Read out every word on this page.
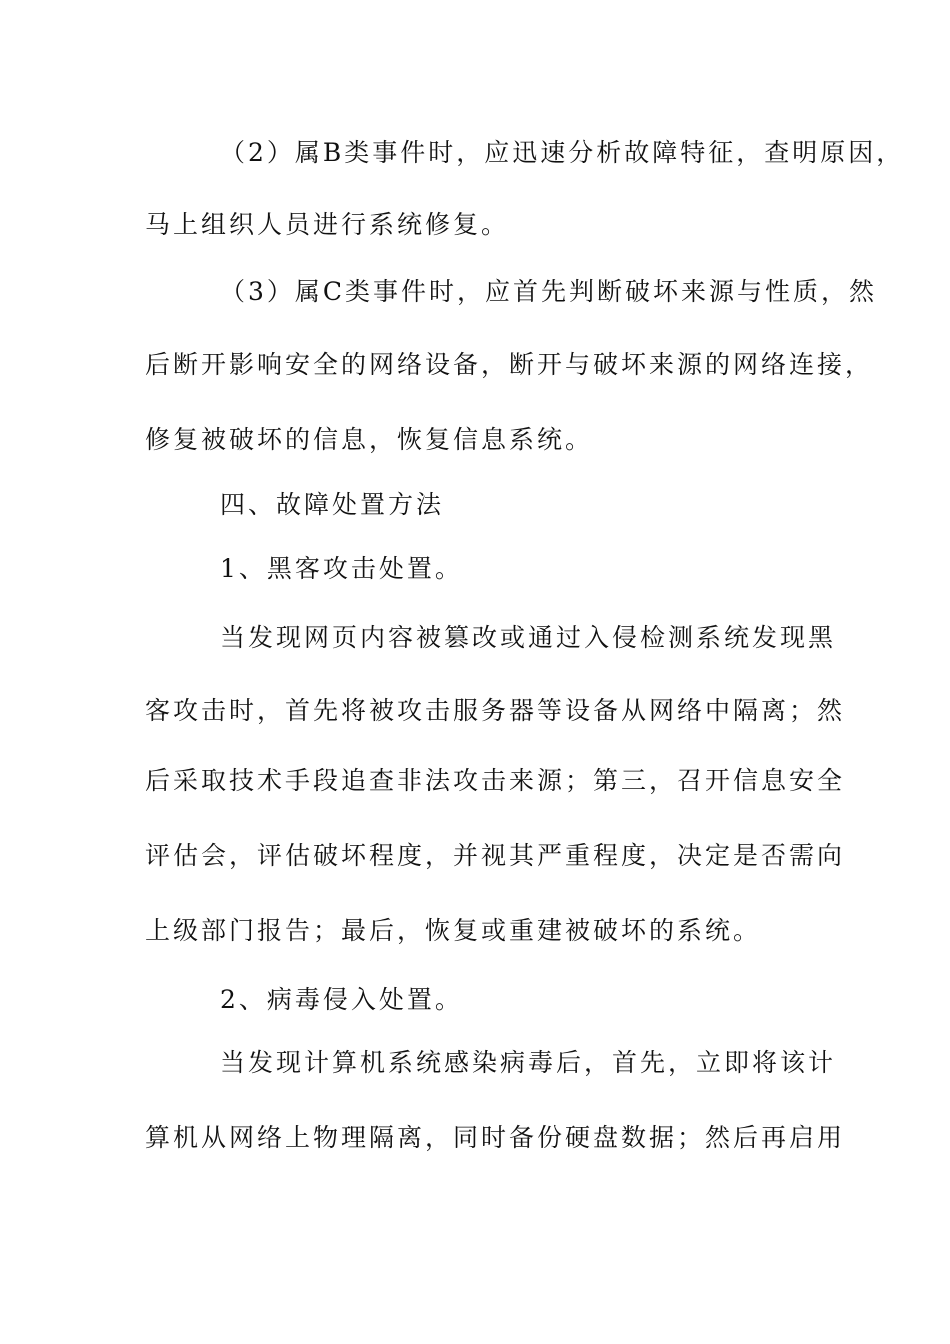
（2）属B类事件时，应迅速分析故障特征，查明原因，
马上组织人员进行系统修复。
（3）属C类事件时，应首先判断破坏来源与性质，然
后断开影响安全的网络设备，断开与破坏来源的网络连接，
修复被破坏的信息，恢复信息系统。
四、故障处置方法
1、黑客攻击处置。
当发现网页内容被篡改或通过入侵检测系统发现黑
客攻击时，首先将被攻击服务器等设备从网络中隔离；然
后采取技术手段追查非法攻击来源；第三，召开信息安全
评估会，评估破坏程度，并视其严重程度，决定是否需向
上级部门报告；最后，恢复或重建被破坏的系统。
2、病毒侵入处置。
当发现计算机系统感染病毒后，首先，立即将该计
算机从网络上物理隔离，同时备份硬盘数据；然后再启用
